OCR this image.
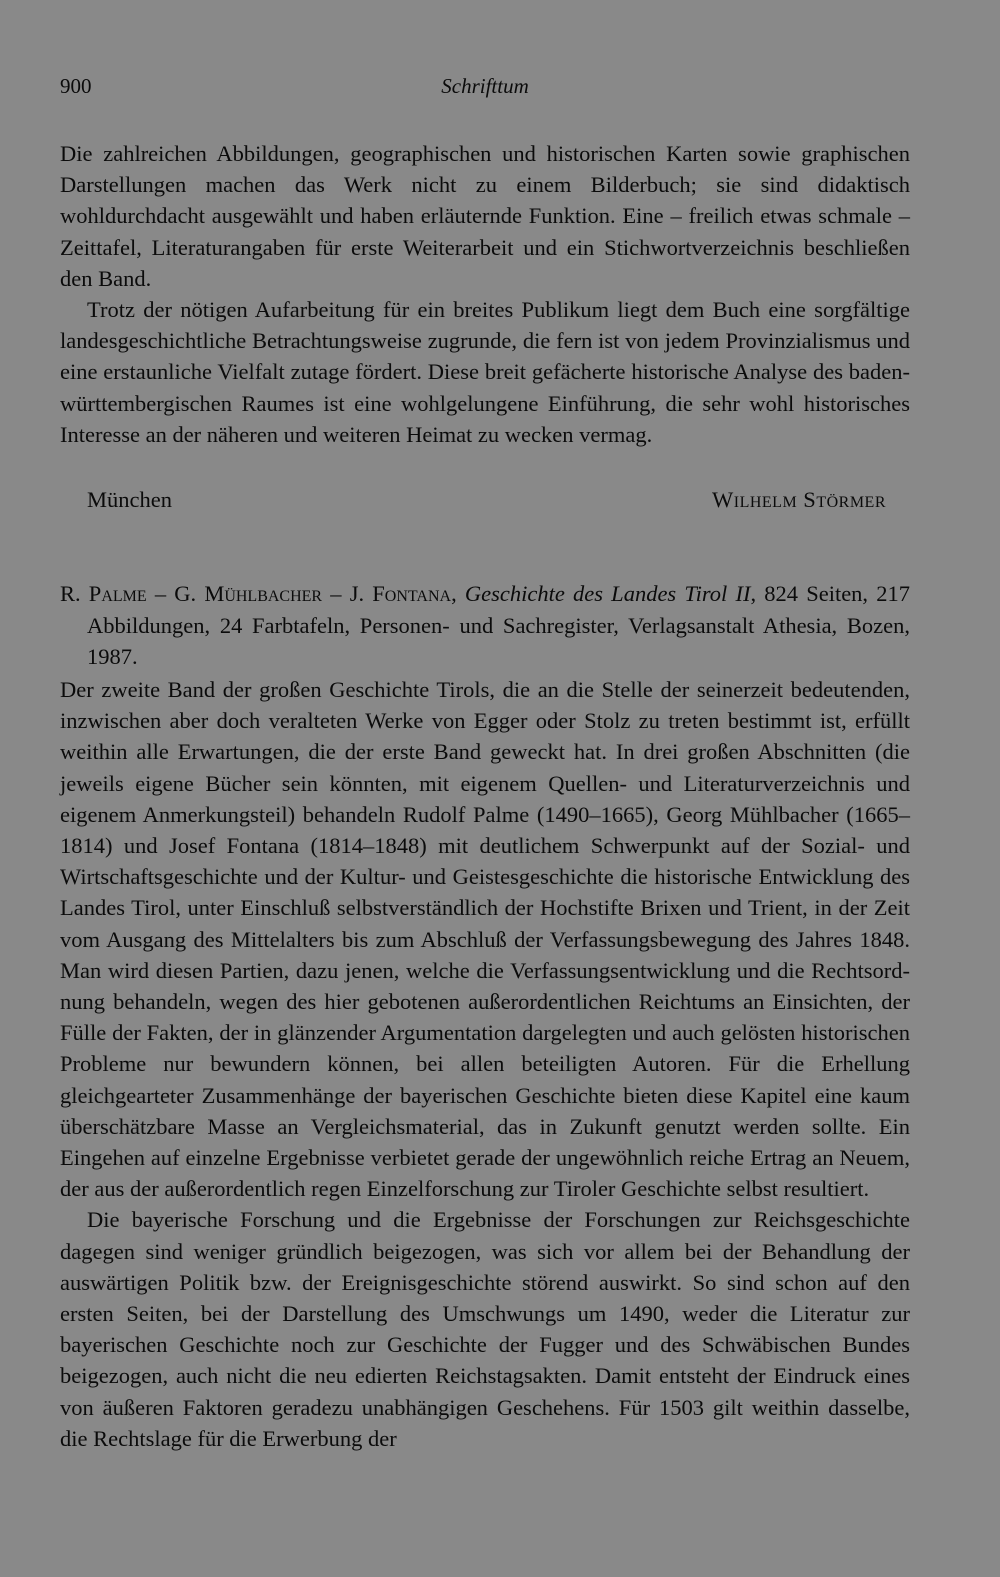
900	Schrifttum

Die zahlreichen Abbildungen, geographischen und historischen Karten sowie graphischen Darstellungen machen das Werk nicht zu einem Bilderbuch; sie sind didaktisch wohldurchdacht ausgewählt und haben erläuternde Funktion. Eine – freilich etwas schmale – Zeittafel, Literaturangaben für erste Weiterarbeit und ein Stichwortverzeichnis beschließen den Band.

Trotz der nötigen Aufarbeitung für ein breites Publikum liegt dem Buch eine sorgfältige landesgeschichtliche Betrachtungsweise zugrunde, die fern ist von jedem Provinzialismus und eine erstaunliche Vielfalt zutage fördert. Diese breit gefächerte historische Analyse des baden-württembergischen Raumes ist eine wohlgelungene Einführung, die sehr wohl historisches Interesse an der näheren und weiteren Heimat zu wecken vermag.

München	Wilhelm Störmer
R. Palme – G. Mühlbacher – J. Fontana, Geschichte des Landes Tirol II, 824 Seiten, 217 Abbildungen, 24 Farbtafeln, Personen- und Sachregister, Verlagsanstalt Athesia, Bozen, 1987.

Der zweite Band der großen Geschichte Tirols, die an die Stelle der seinerzeit bedeutenden, inzwischen aber doch veralteten Werke von Egger oder Stolz zu treten bestimmt ist, erfüllt weithin alle Erwartungen, die der erste Band geweckt hat. In drei großen Abschnitten (die jeweils eigene Bücher sein könnten, mit eigenem Quellen- und Literaturverzeichnis und eigenem Anmerkungsteil) behandeln Rudolf Palme (1490–1665), Georg Mühlbacher (1665–1814) und Josef Fontana (1814–1848) mit deutlichem Schwerpunkt auf der Sozial- und Wirtschaftsgeschichte und der Kultur- und Geistesgeschichte die historische Entwicklung des Landes Tirol, unter Einschluß selbstverständlich der Hochstifte Brixen und Trient, in der Zeit vom Ausgang des Mittelalters bis zum Abschluß der Verfassungsbewegung des Jahres 1848. Man wird diesen Partien, dazu jenen, welche die Verfassungsentwicklung und die Rechtsordnung behandeln, wegen des hier gebotenen außerordentlichen Reichtums an Einsichten, der Fülle der Fakten, der in glänzender Argumentation dargelegten und auch gelösten historischen Probleme nur bewundern können, bei allen beteiligten Autoren. Für die Erhellung gleichgearteter Zusammenhänge der bayerischen Geschichte bieten diese Kapitel eine kaum überschätzbare Masse an Vergleichsmaterial, das in Zukunft genutzt werden sollte. Ein Eingehen auf einzelne Ergebnisse verbietet gerade der ungewöhnlich reiche Ertrag an Neuem, der aus der außerordentlich regen Einzelforschung zur Tiroler Geschichte selbst resultiert.

Die bayerische Forschung und die Ergebnisse der Forschungen zur Reichsgeschichte dagegen sind weniger gründlich beigezogen, was sich vor allem bei der Behandlung der auswärtigen Politik bzw. der Ereignisgeschichte störend auswirkt. So sind schon auf den ersten Seiten, bei der Darstellung des Umschwungs um 1490, weder die Literatur zur bayerischen Geschichte noch zur Geschichte der Fugger und des Schwäbischen Bundes beigezogen, auch nicht die neu edierten Reichstagsakten. Damit entsteht der Eindruck eines von äußeren Faktoren geradezu unabhängigen Geschehens. Für 1503 gilt weithin dasselbe, die Rechtslage für die Erwerbung der
